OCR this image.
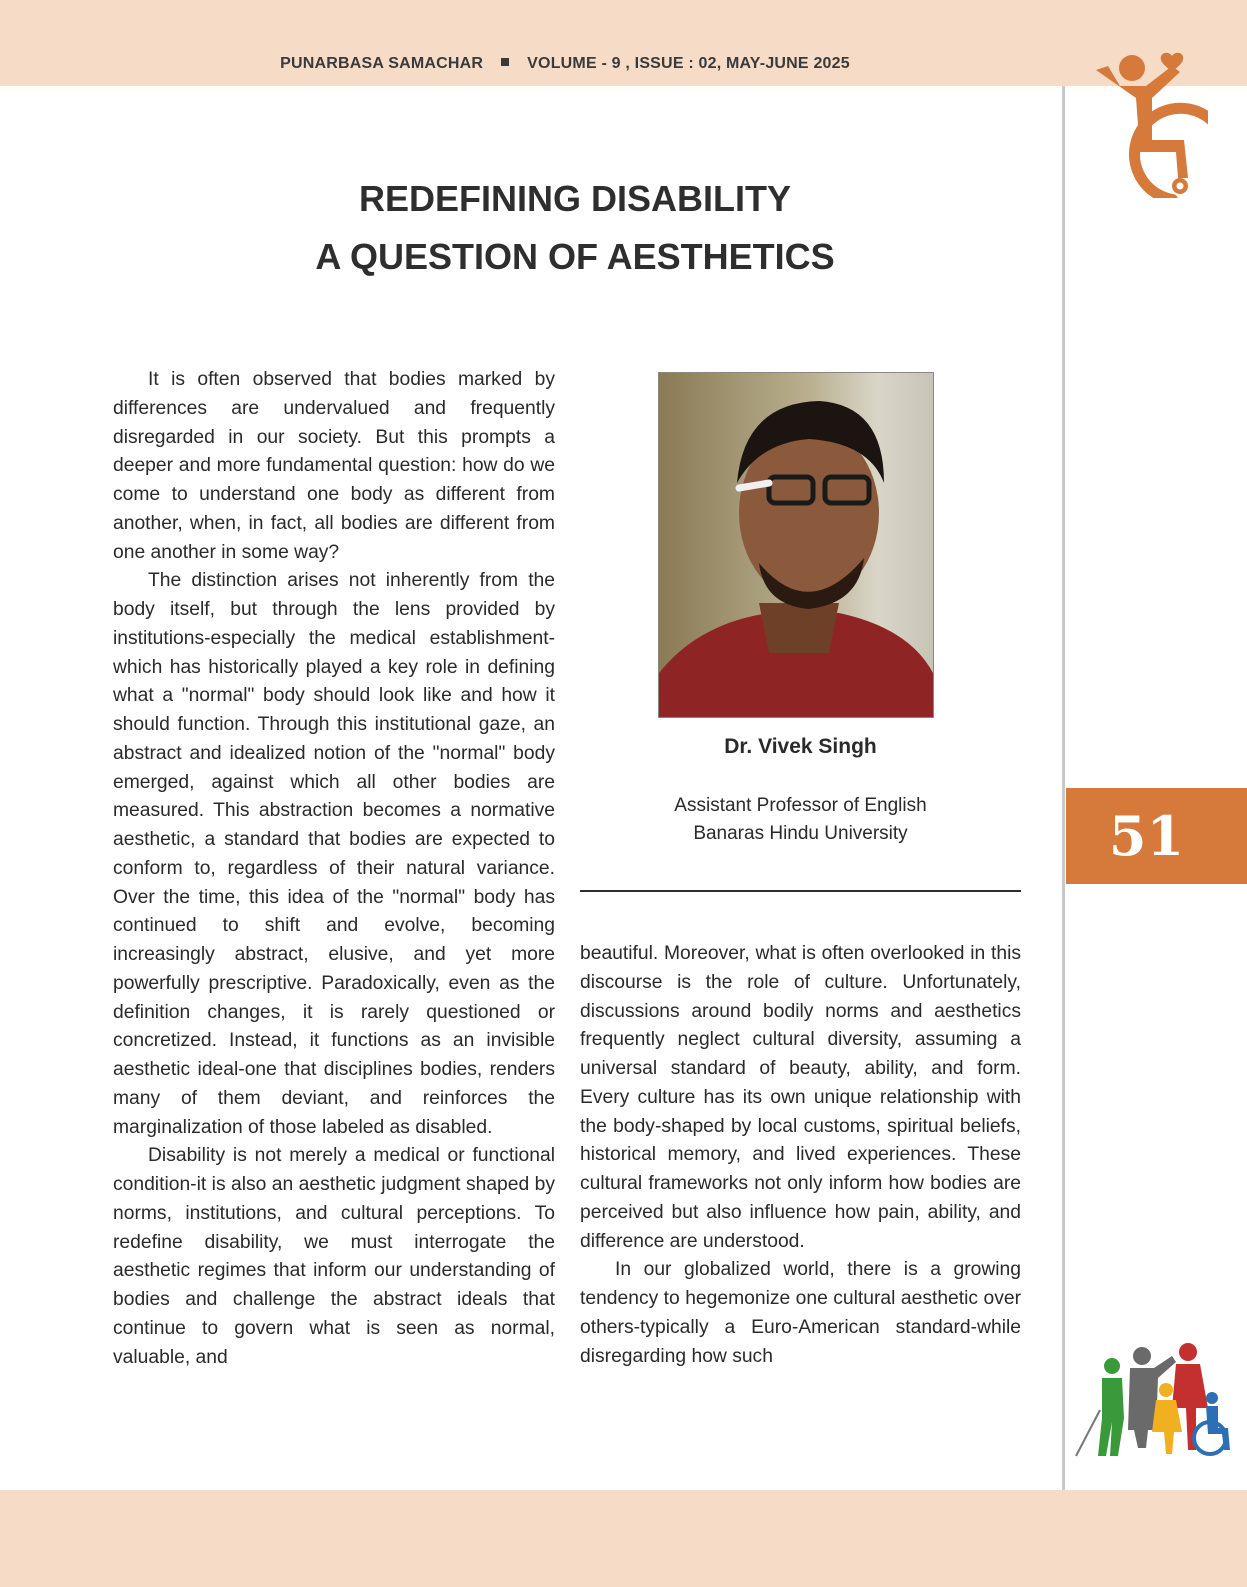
PUNARBASA SAMACHAR	VOLUME - 9 , ISSUE : 02, MAY-JUNE 2025
REDEFINING DISABILITY
A QUESTION OF AESTHETICS

It is often observed that bodies marked by differences are undervalued and frequently disregarded in our society. But this prompts a deeper and more fundamental question: how do we come to understand one body as different from another, when, in fact, all bodies are different from one another in some way?

The distinction arises not inherently from the body itself, but through the lens provided by institutions-especially the medical establishment-which has historically played a key role in defining what a "normal" body should look like and how it should function. Through this institutional gaze, an abstract and idealized notion of the "normal" body emerged, against which all other bodies are measured. This abstraction becomes a normative aesthetic, a standard that bodies are expected to conform to, regardless of their natural variance. Over the time, this idea of the "normal" body has continued to shift and evolve, becoming increasingly abstract, elusive, and yet more powerfully prescriptive. Paradoxically, even as the definition changes, it is rarely questioned or concretized. Instead, it functions as an invisible aesthetic ideal-one that disciplines bodies, renders many of them deviant, and reinforces the marginalization of those labeled as disabled.

Disability is not merely a medical or functional condition-it is also an aesthetic judgment shaped by norms, institutions, and cultural perceptions. To redefine disability, we must interrogate the aesthetic regimes that inform our understanding of bodies and challenge the abstract ideals that continue to govern what is seen as normal, valuable, and

Dr. Vivek Singh
Assistant Professor of English
Banaras Hindu University

beautiful. Moreover, what is often overlooked in this discourse is the role of culture. Unfortunately, discussions around bodily norms and aesthetics frequently neglect cultural diversity, assuming a universal standard of beauty, ability, and form. Every culture has its own unique relationship with the body-shaped by local customs, spiritual beliefs, historical memory, and lived experiences. These cultural frameworks not only inform how bodies are perceived but also influence how pain, ability, and difference are understood.

In our globalized world, there is a growing tendency to hegemonize one cultural aesthetic over others-typically a Euro-American standard-while disregarding how such

51
